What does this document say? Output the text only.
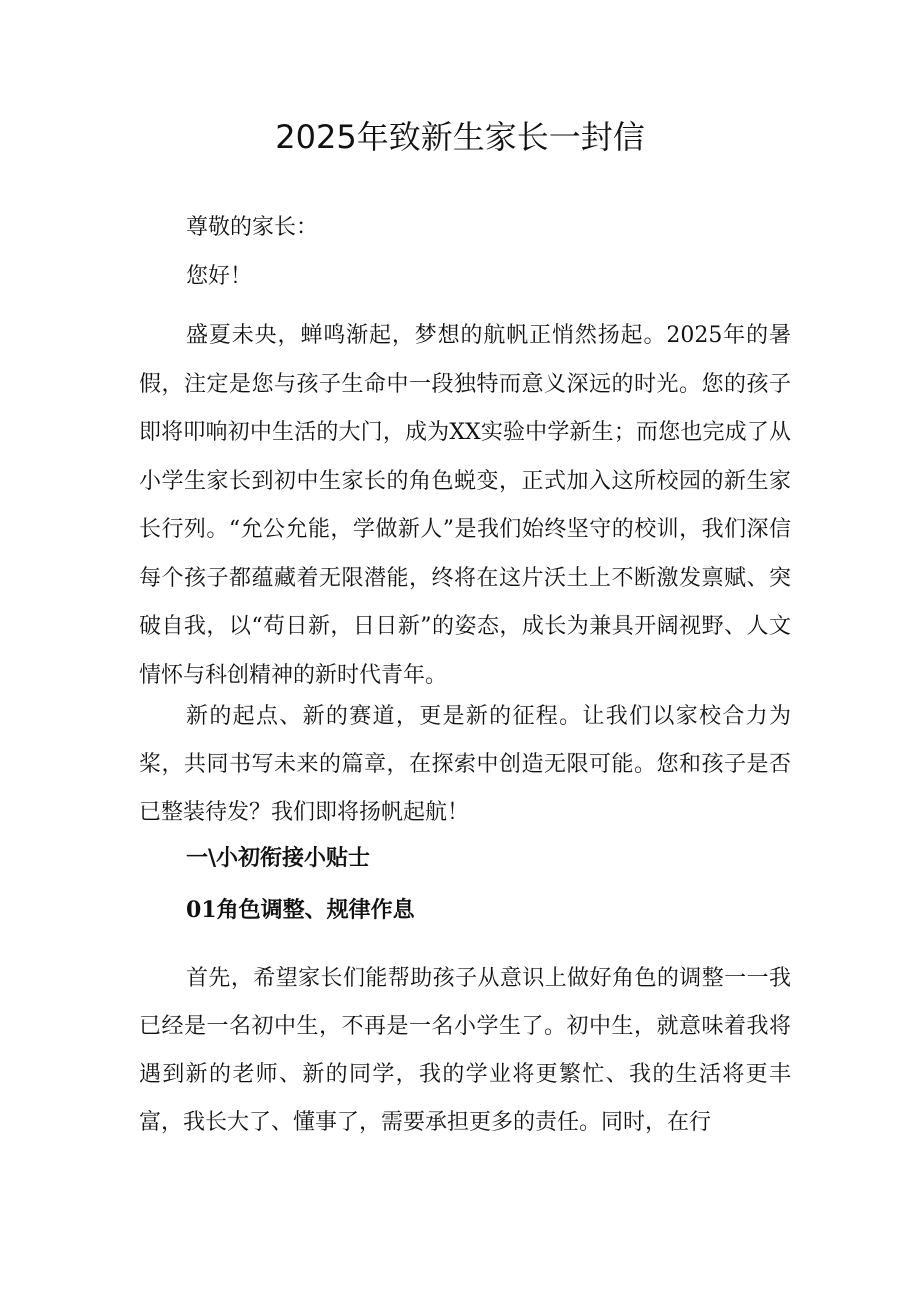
2025年致新生家长一封信

尊敬的家长：

您好！

盛夏未央，蝉鸣渐起，梦想的航帆正悄然扬起。2025年的暑假，注定是您与孩子生命中一段独特而意义深远的时光。您的孩子即将叩响初中生活的大门，成为XX实验中学新生；而您也完成了从小学生家长到初中生家长的角色蜕变，正式加入这所校园的新生家长行列。“允公允能，学做新人”是我们始终坚守的校训，我们深信每个孩子都蕴藏着无限潜能，终将在这片沃土上不断激发禀赋、突破自我，以“苟日新，日日新”的姿态，成长为兼具开阔视野、人文情怀与科创精神的新时代青年。

新的起点、新的赛道，更是新的征程。让我们以家校合力为桨，共同书写未来的篇章，在探索中创造无限可能。您和孩子是否已整装待发？我们即将扬帆起航！

一\小初衔接小贴士

01角色调整、规律作息

首先，希望家长们能帮助孩子从意识上做好角色的调整一一我已经是一名初中生，不再是一名小学生了。初中生，就意味着我将遇到新的老师、新的同学，我的学业将更繁忙、我的生活将更丰富，我长大了、懂事了，需要承担更多的责任。同时，在行
